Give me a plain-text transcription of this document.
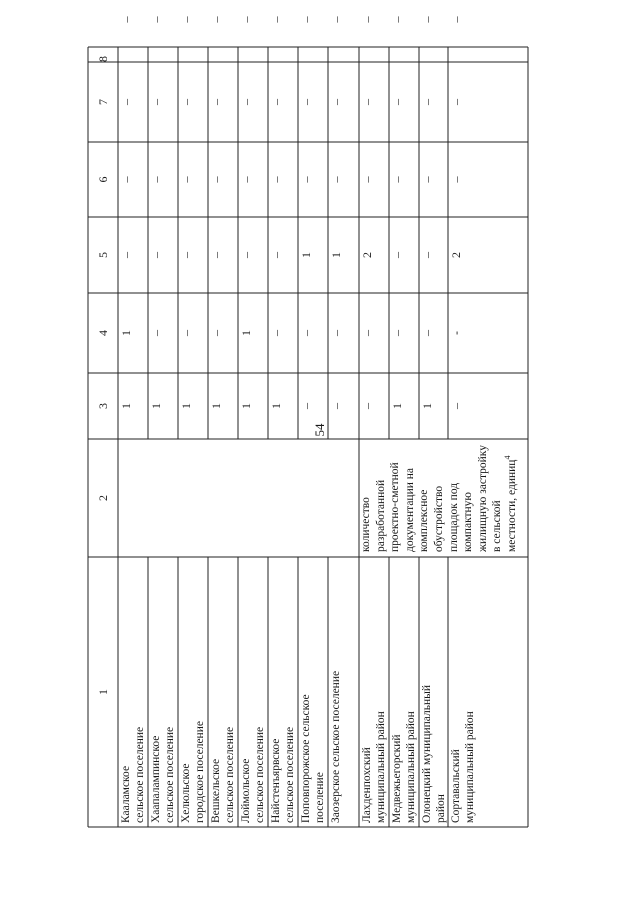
54
1
2
3
4
5
6
7
8
Кааламское сельское поселение
1
1
–
–
–
–
Хаапалампинское сельское поселение
1
–
–
–
–
–
Хелюльское городское поселение
1
–
–
–
–
–
Вешкельское сельское поселение
1
–
–
–
–
–
Лоймольское сельское поселение
1
1
–
–
–
–
Найстенъярвское сельское поселение
1
–
–
–
–
–
Поповпорожское сельское поселение
–
–
1
–
–
–
Заозерское сельское поселение

–
–
1
–
–
–
Лахденпохский муниципальный район
–
–
2
–
–
–
Медвежьегорский муниципальный район
1
–
–
–
–
–
Олонецкий муниципальный район
1
–
–
–
–
–
Сортавальский муниципальный район
–
-
2
–
–
–
количество разработанной проектно-сметной документации на комплексное обустройство площадок под компактную жилищную застройку в сельской местности, единиц$^4$
